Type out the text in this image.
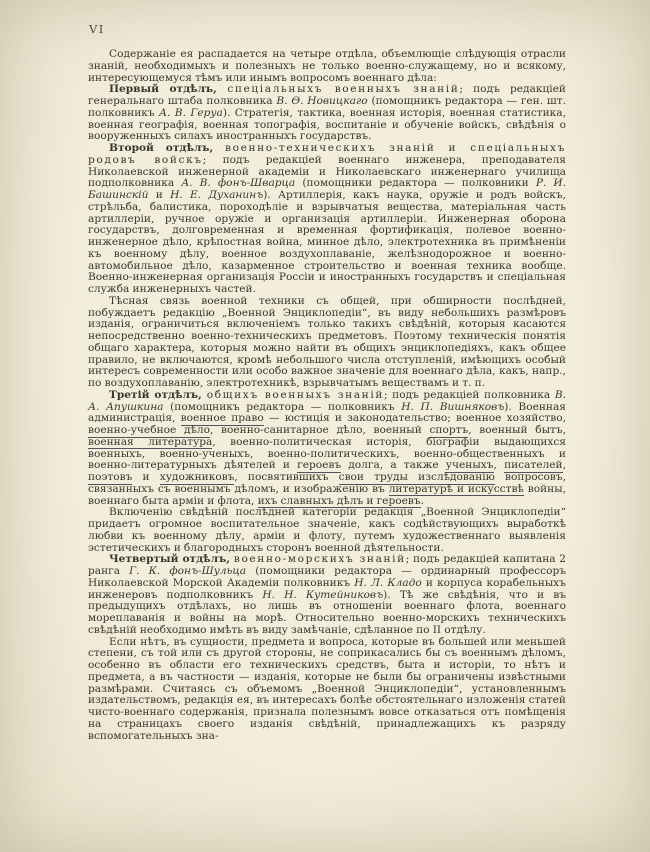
VI

Содержаніе ея распадается на четыре отдѣла, объемлющіе слѣдующія отрасли знаній, необходимыхъ и полезныхъ не только военно-служащему, но и всякому, интересующемуся тѣмъ или инымъ вопросомъ военнаго дѣла:

Первый отдѣлъ, спеціальныхъ военныхъ знаній; подъ редакціей генеральнаго штаба полковника В. Ѳ. Новицкаго (помощникъ редактора — ген. шт. полковникъ А. В. Геруа). Стратегія, тактика, военная исторія, военная статистика, военная географія, военная топографія, воспитаніе и обученіе войскъ, свѣдѣнія о вооруженныхъ силахъ иностранныхъ государствъ.

Второй отдѣлъ, военно-техническихъ знаній и спеціальныхъ родовъ войскъ; подъ редакціей военнаго инженера, преподавателя Николаевской инженерной академіи и Николаевскаго инженернаго училища подполковника А. В. фонъ-Шварца (помощники редактора — полковники Р. И. Башинскій и Н. Е. Духанинъ). Артиллерія, какъ наука, оружіе и родъ войскъ, стрѣльба, балистика, пороходѣліе и взрывчатыя вещества, матеріальная часть артиллеріи, ручное оружіе и организація артиллеріи. Инженерная оборона государствъ, долговременная и временная фортификація, полевое военно-инженерное дѣло, крѣпостная война, минное дѣло, электротехника въ примѣненіи къ военному дѣлу, военное воздухоплаваніе, желѣзнодорожное и военно-автомобильное дѣло, казарменное строительство и военная техника вообще. Военно-инженерная организація Россіи и иностранныхъ государствъ и спеціальная служба инженерныхъ частей.

Тѣсная связь военной техники съ общей, при обширности послѣдней, побуждаетъ редакцію „Военной Энциклопедіи“, въ виду небольшихъ размѣровъ изданія, ограничиться включеніемъ только такихъ свѣдѣній, которыя касаются непосредственно военно-техническихъ предметовъ. Поэтому техническія понятія общаго характера, которыя можно найти въ общихъ энциклопедіяхъ, какъ общее правило, не включаются, кромѣ небольшого числа отступленій, имѣющихъ особый интересъ современности или особо важное значеніе для военнаго дѣла, какъ, напр., по воздухоплаванію, электротехникѣ, взрывчатымъ веществамъ и т. п.

Третій отдѣлъ, общихъ военныхъ знаній; подъ редакціей полковника В. А. Апушкина (помощникъ редактора — полковникъ Н. П. Вишняковъ). Военная администрація, военное право — юстиція и законодательство; военное хозяйство, военно-учебное дѣло, военно-санитарное дѣло, военный спортъ, военный бытъ, военная литература, военно-политическая исторія, біографіи выдающихся военныхъ, военно-ученыхъ, военно-политическихъ, военно-общественныхъ и военно-литературныхъ дѣятелей и героевъ долга, а также ученыхъ, писателей, поэтовъ и художниковъ, посвятившихъ свои труды изслѣдованію вопросовъ, связанныхъ съ военнымъ дѣломъ, и изображенію въ литературѣ и искусствѣ войны, военнаго быта арміи и флота, ихъ славныхъ дѣлъ и героевъ.

Включенію свѣдѣній послѣдней категоріи редакція „Военной Энциклопедіи“ придаетъ огромное воспитательное значеніе, какъ содѣйствующихъ выработкѣ любви къ военному дѣлу, арміи и флоту, путемъ художественнаго выявленія эстетическихъ и благородныхъ сторонъ военной дѣятельности.

Четвертый отдѣлъ, военно-морскихъ знаній; подъ редакціей капитана 2 ранга Г. К. фонъ-Шульца (помощники редактора — ординарный профессоръ Николаевской Морской Академіи полковникъ Н. Л. Кладо и корпуса корабельныхъ инженеровъ подполковникъ Н. Н. Кутейниковъ). Тѣ же свѣдѣнія, что и въ предыдущихъ отдѣлахъ, но лишь въ отношеніи военнаго флота, военнаго мореплаванія и войны на морѣ. Относительно военно-морскихъ техническихъ свѣдѣній необходимо имѣть въ виду замѣчаніе, сдѣланное по II отдѣлу.

Если нѣтъ, въ сущности, предмета и вопроса, которые въ большей или меньшей степени, съ той или съ другой стороны, не соприкасались бы съ военнымъ дѣломъ, особенно въ области его техническихъ средствъ, быта и исторіи, то нѣтъ и предмета, а въ частности — изданія, которые не были бы ограничены извѣстными размѣрами. Считаясь съ объемомъ „Военной Энциклопедіи“, установленнымъ издательствомъ, редакція ея, въ интересахъ болѣе обстоятельнаго изложенія статей чисто-военнаго содержанія, признала полезнымъ вовсе отказаться отъ помѣщенія на страницахъ своего изданія свѣдѣній, принадлежащихъ къ разряду вспомогательныхъ зна-
